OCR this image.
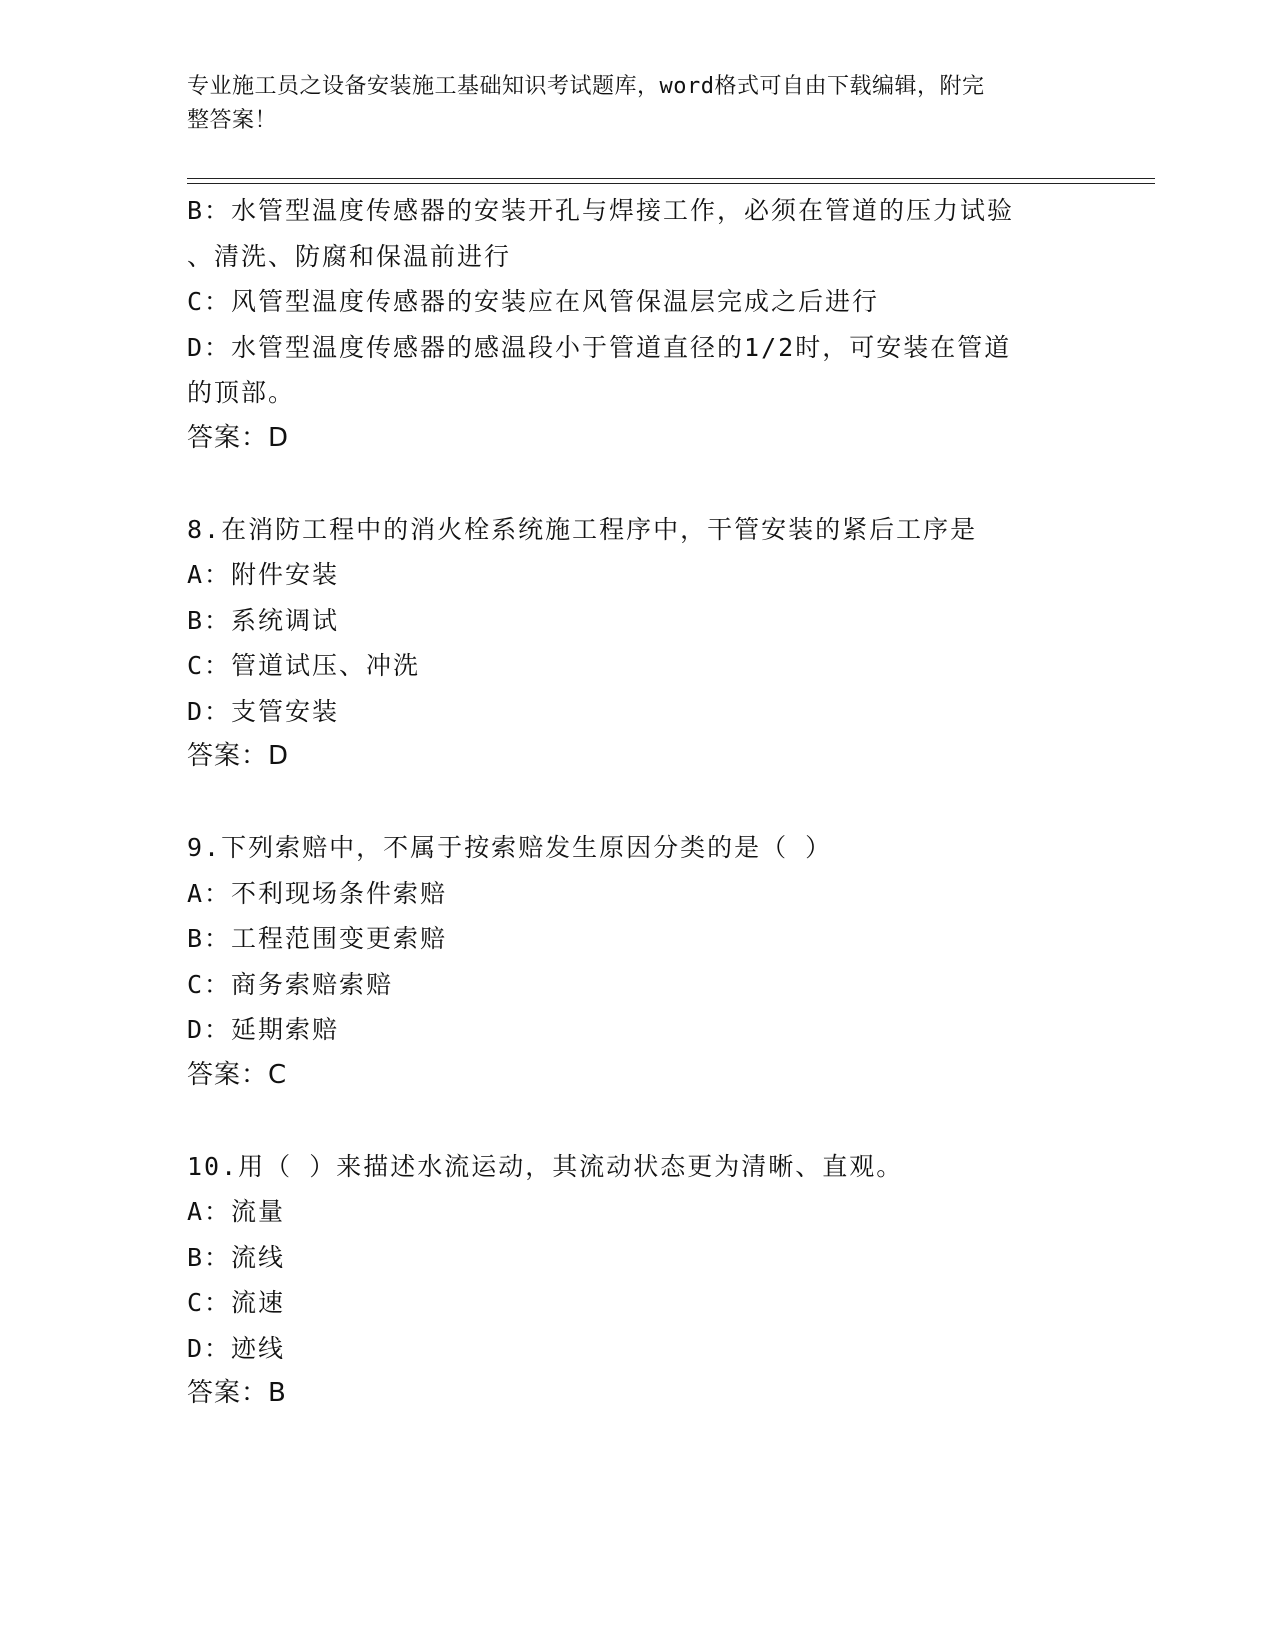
专业施工员之设备安装施工基础知识考试题库，word格式可自由下载编辑，附完
整答案！
B：水管型温度传感器的安装开孔与焊接工作，必须在管道的压力试验
、清洗、防腐和保温前进行
C：风管型温度传感器的安装应在风管保温层完成之后进行
D：水管型温度传感器的感温段小于管道直径的1/2时，可安装在管道
的顶部。
答案：D
8.在消防工程中的消火栓系统施工程序中，干管安装的紧后工序是
A：附件安装
B：系统调试
C：管道试压、冲洗
D：支管安装
答案：D
9.下列索赔中，不属于按索赔发生原因分类的是（ ）
A：不利现场条件索赔
B：工程范围变更索赔
C：商务索赔索赔
D：延期索赔
答案：C
10.用（ ）来描述水流运动，其流动状态更为清晰、直观。
A：流量
B：流线
C：流速
D：迹线
答案：B
